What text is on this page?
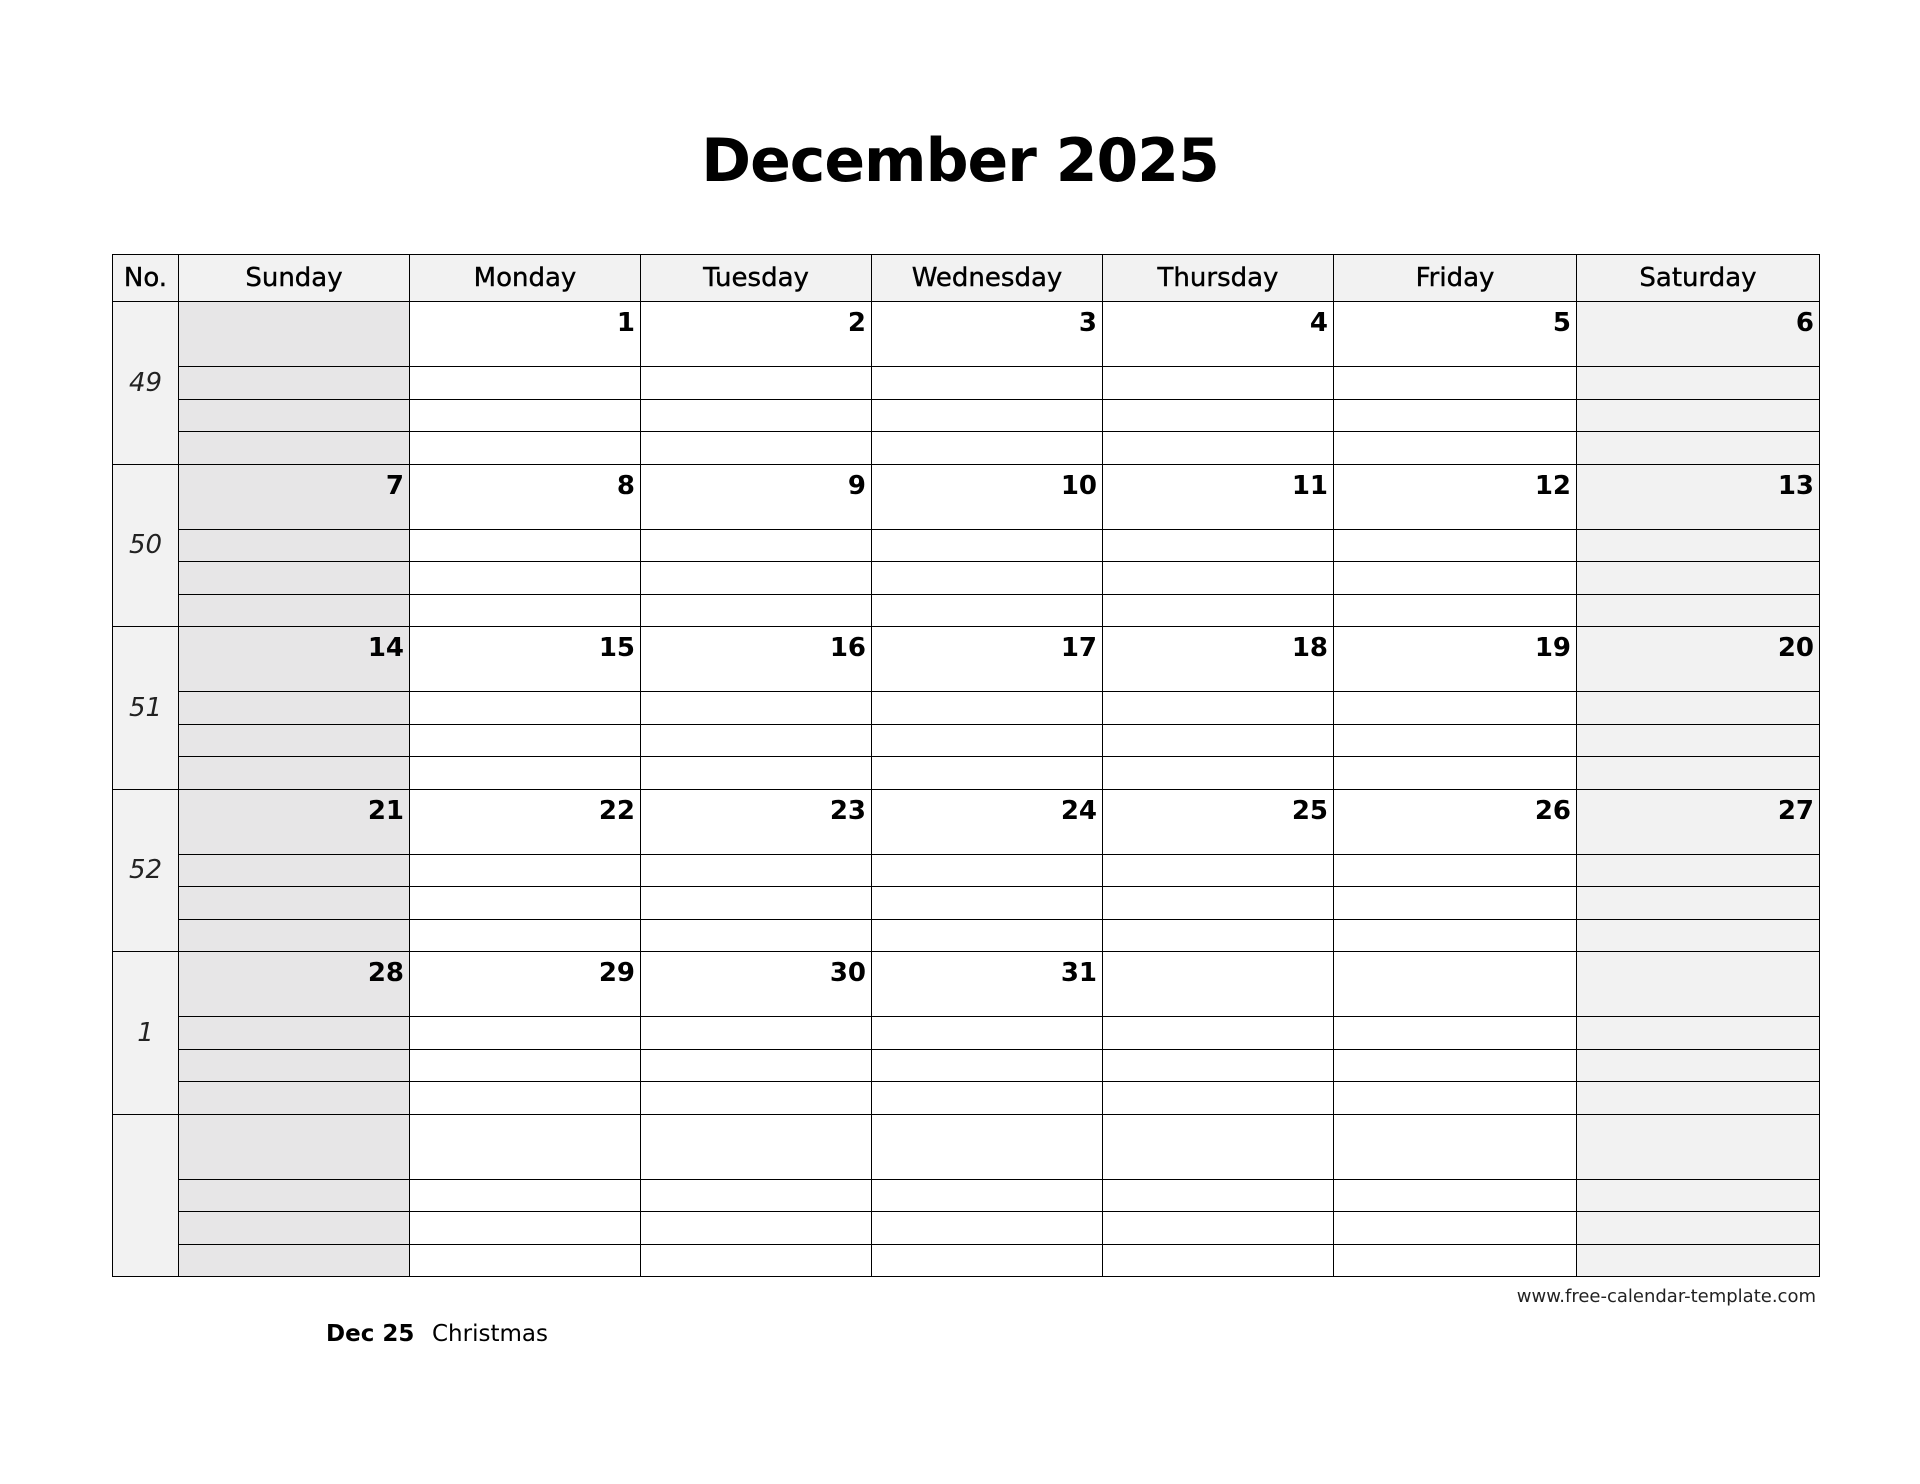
December 2025
No.	Sunday	Monday	Tuesday	Wednesday	Thursday	Friday	Saturday
49		1	2	3	4	5	6

50	7	8	9	10	11	12	13

51	14	15	16	17	18	19	20

52	21	22	23	24	25	26	27

1	28	29	30	31			

www.free-calendar-template.com
Dec 25 Christmas
